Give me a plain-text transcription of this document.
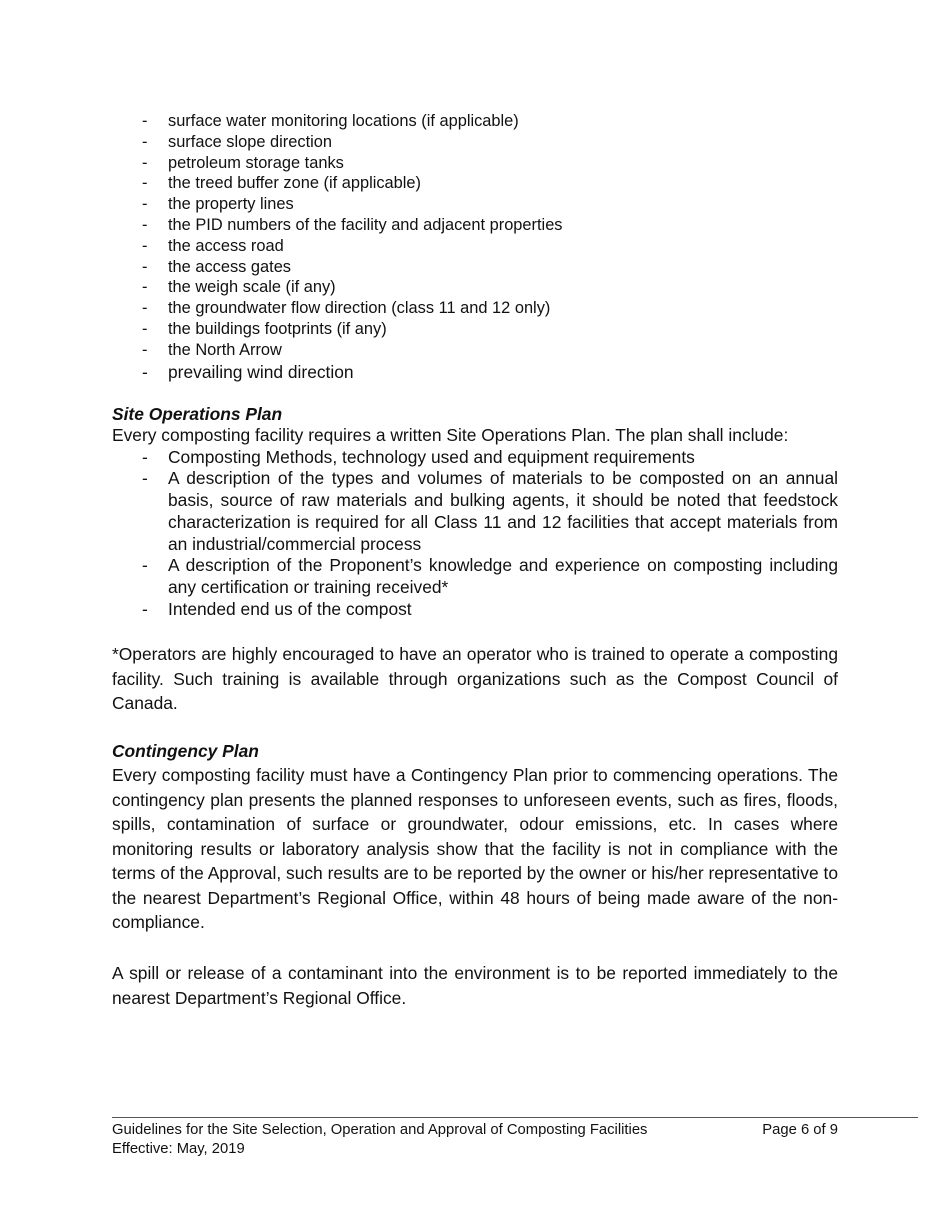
- surface water monitoring locations (if applicable)
- surface slope direction
- petroleum storage tanks
- the treed buffer zone (if applicable)
- the property lines
- the PID numbers of the facility and adjacent properties
- the access road
- the access gates
- the weigh scale (if any)
- the groundwater flow direction (class 11 and 12 only)
- the buildings footprints (if any)
- the North Arrow
- prevailing wind direction

Site Operations Plan

Every composting facility requires a written Site Operations Plan. The plan shall include:

- Composting Methods, technology used and equipment requirements
- A description of the types and volumes of materials to be composted on an annual basis, source of raw materials and bulking agents, it should be noted that feedstock characterization is required for all Class 11 and 12 facilities that accept materials from an industrial/commercial process
- A description of the Proponent’s knowledge and experience on composting including any certification or training received*
- Intended end us of the compost

*Operators are highly encouraged to have an operator who is trained to operate a composting facility. Such training is available through organizations such as the Compost Council of Canada.

Contingency Plan

Every composting facility must have a Contingency Plan prior to commencing operations. The contingency plan presents the planned responses to unforeseen events, such as fires, floods, spills, contamination of surface or groundwater, odour emissions, etc. In cases where monitoring results or laboratory analysis show that the facility is not in compliance with the terms of the Approval, such results are to be reported by the owner or his/her representative to the nearest Department’s Regional Office, within 48 hours of being made aware of the non-compliance.

A spill or release of a contaminant into the environment is to be reported immediately to the nearest Department’s Regional Office.

Guidelines for the Site Selection, Operation and Approval of Composting Facilities	Page 6 of 9
Effective: May, 2019
